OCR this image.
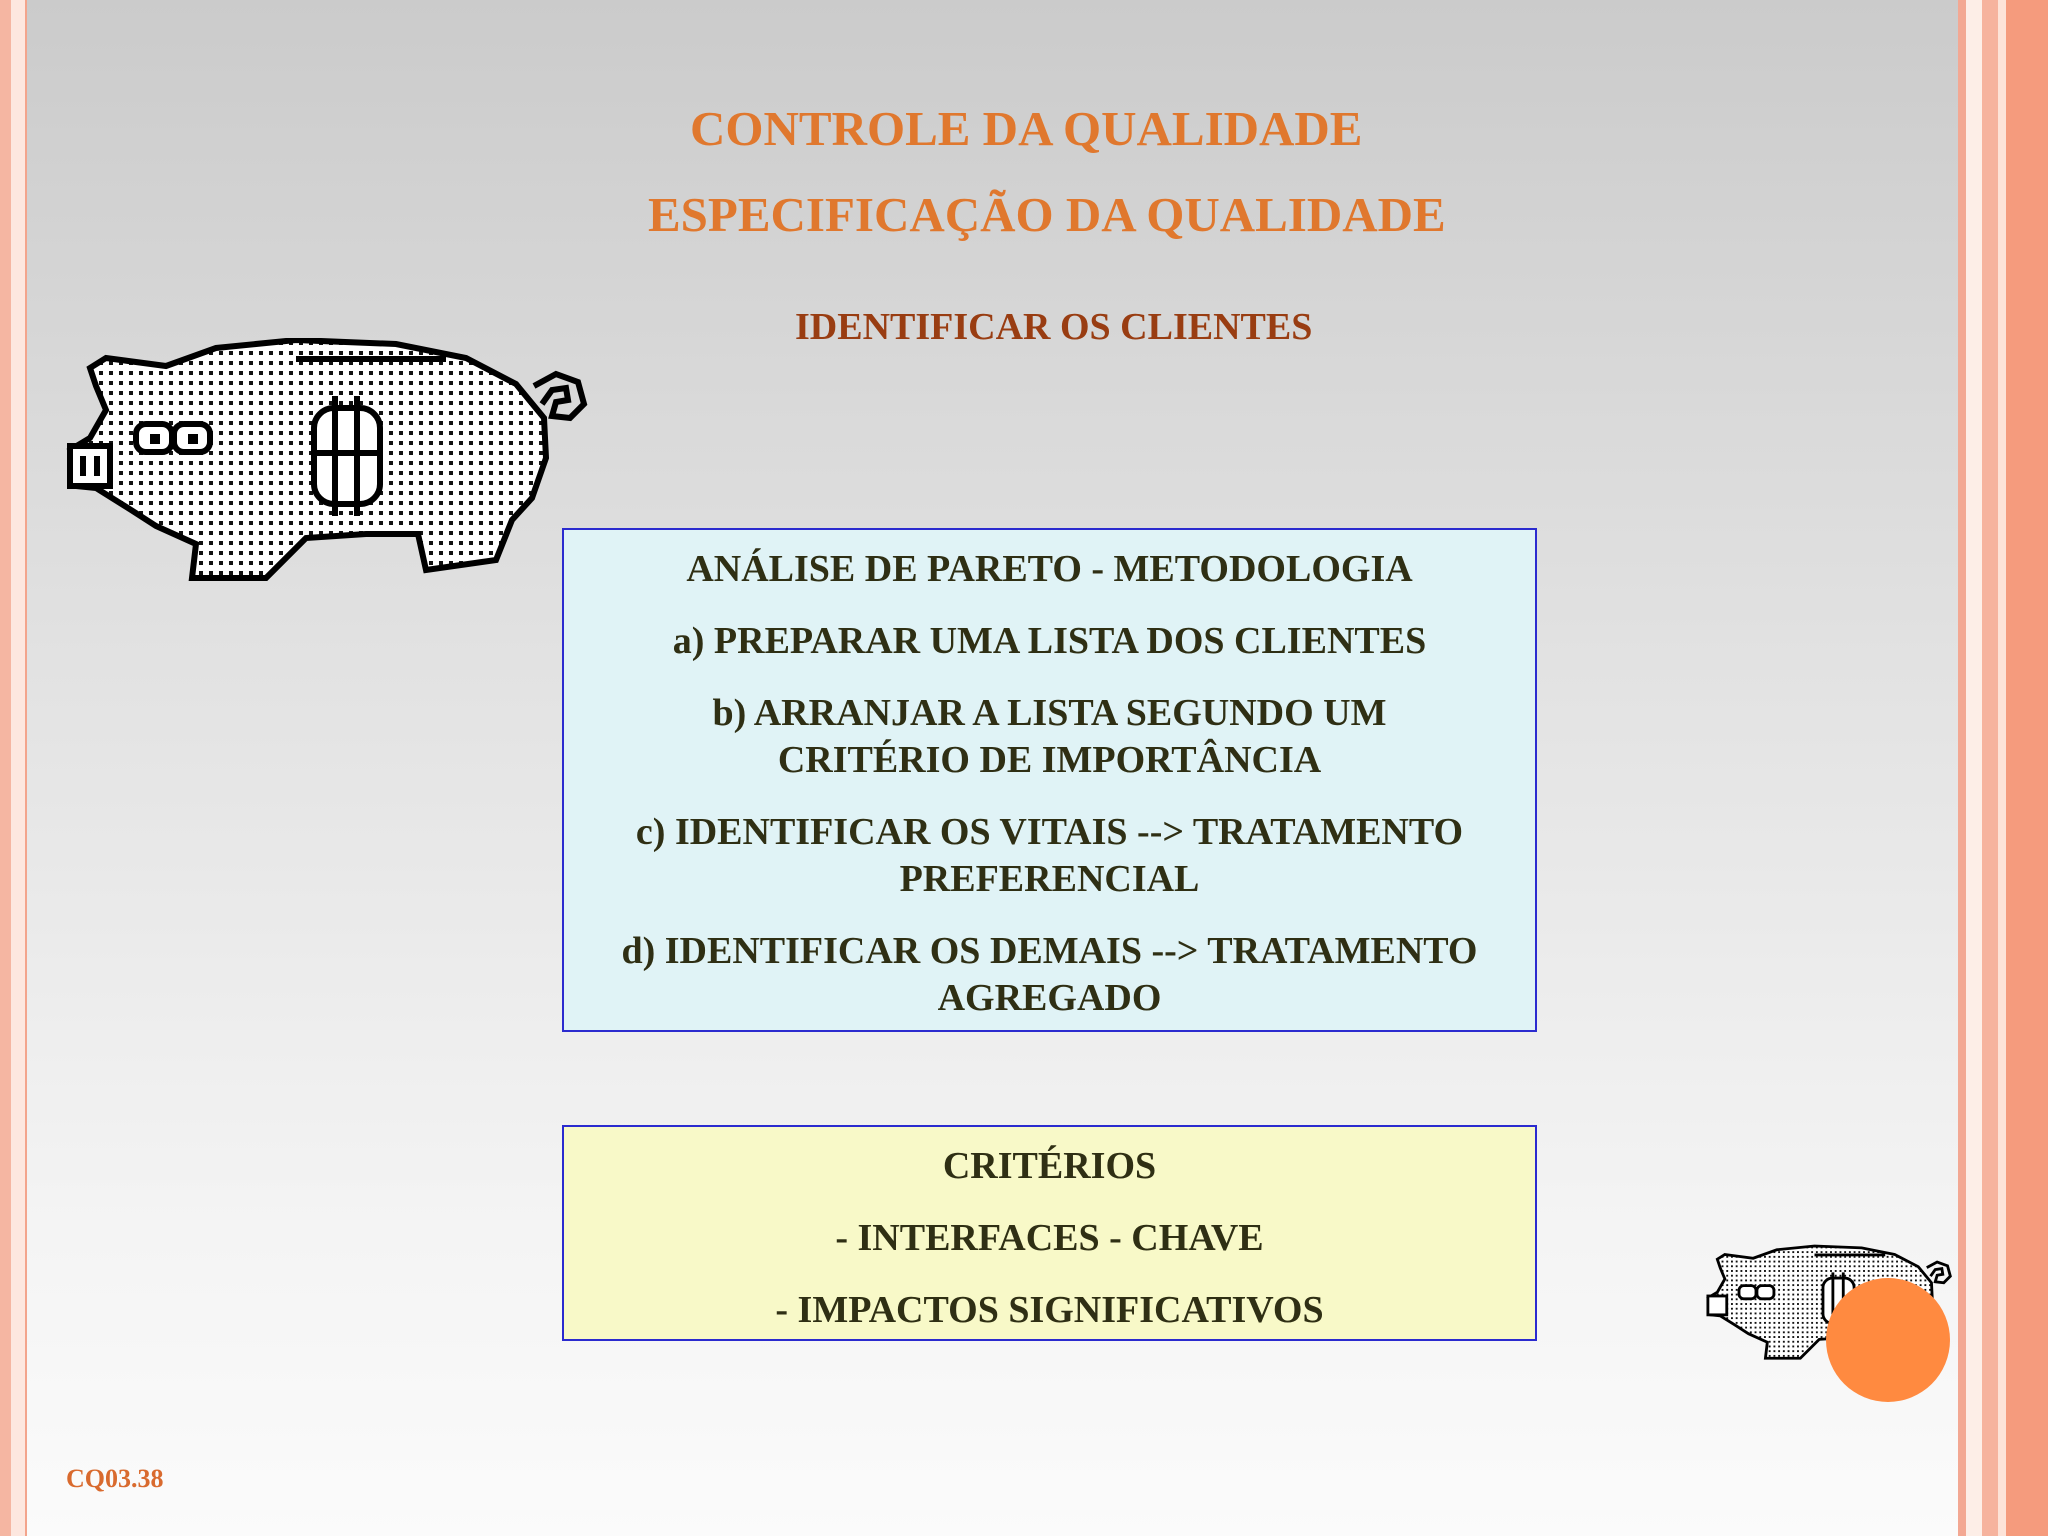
CONTROLE DA QUALIDADE
ESPECIFICAÇÃO DA QUALIDADE
IDENTIFICAR OS CLIENTES

ANÁLISE DE PARETO - METODOLOGIA

a) PREPARAR UMA LISTA DOS CLIENTES

b) ARRANJAR A LISTA SEGUNDO UM
CRITÉRIO DE IMPORTÂNCIA

c) IDENTIFICAR OS VITAIS --> TRATAMENTO
PREFERENCIAL

d) IDENTIFICAR OS DEMAIS --> TRATAMENTO
AGREGADO

CRITÉRIOS

- INTERFACES - CHAVE

- IMPACTOS SIGNIFICATIVOS

CQ03.38
